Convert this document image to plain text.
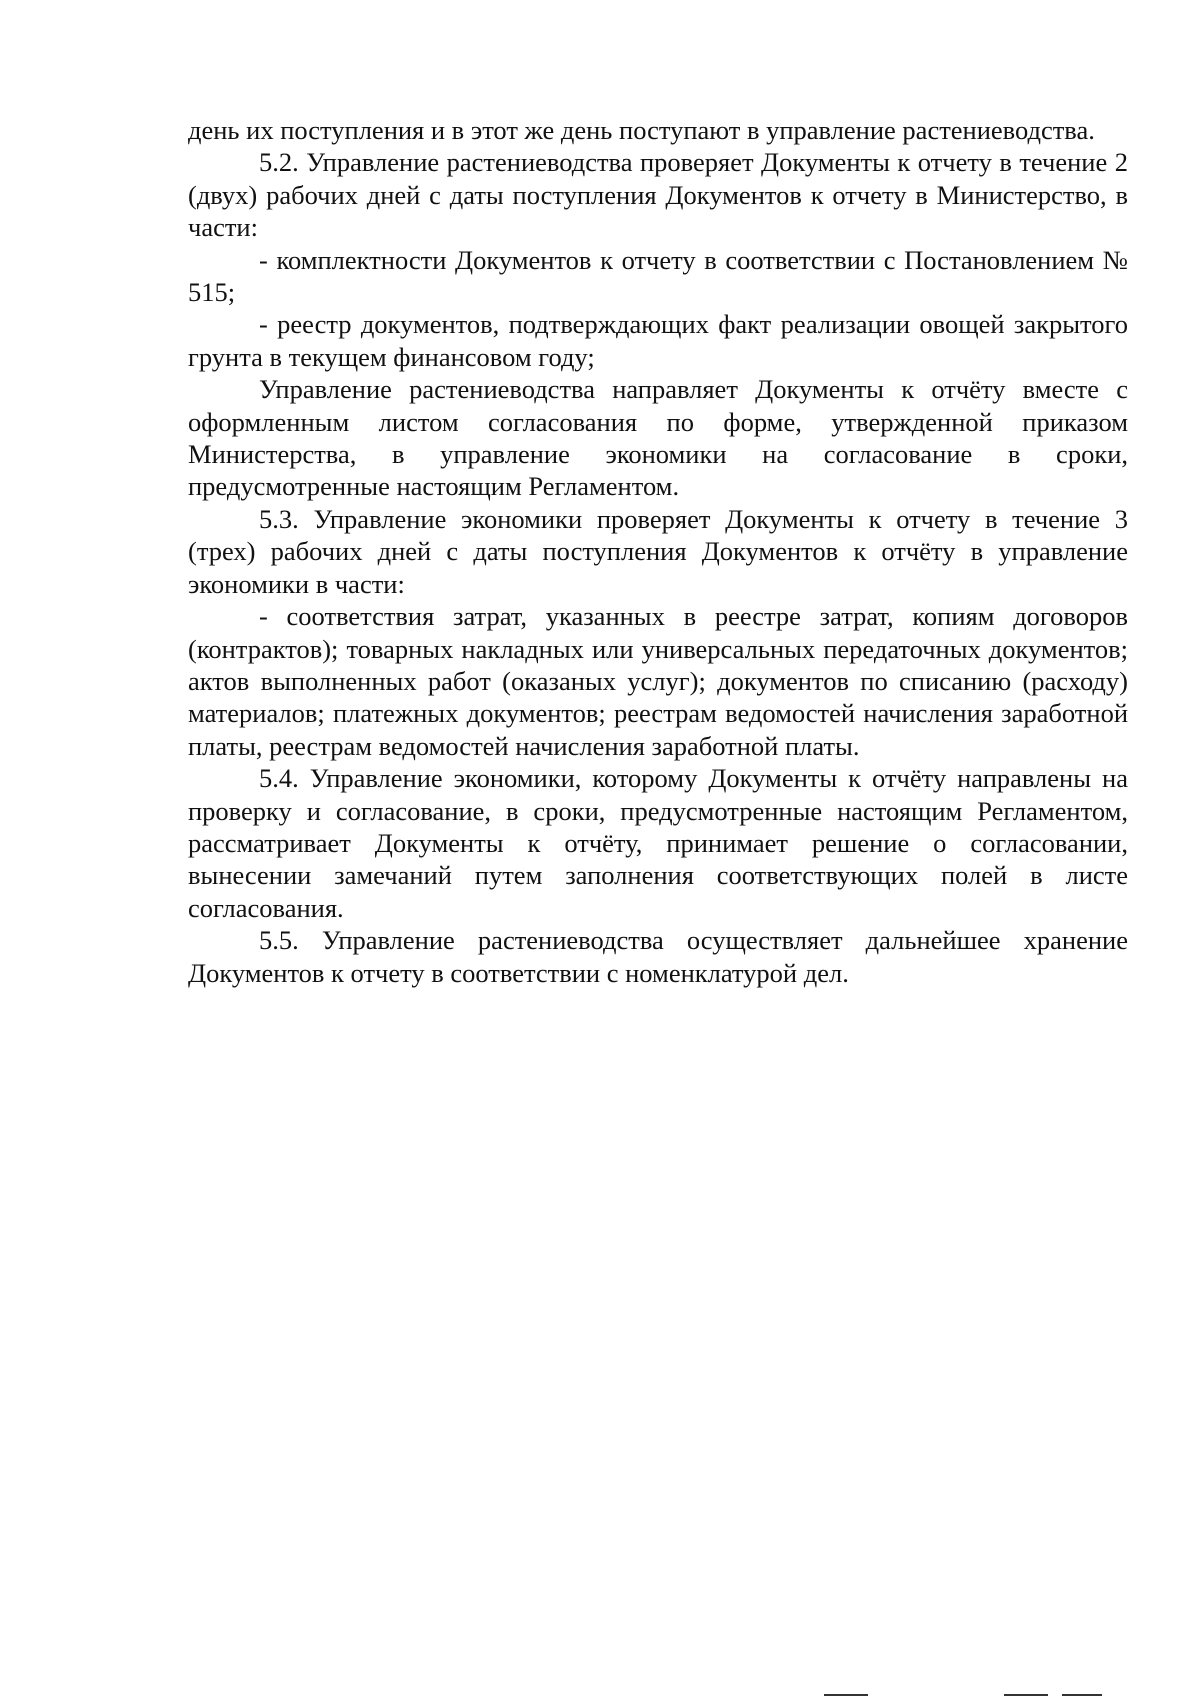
день их поступления и в этот же день поступают в управление растениеводства.

5.2. Управление растениеводства проверяет Документы к отчету в течение 2 (двух) рабочих дней с даты поступления Документов к отчету в Министерство, в части:

- комплектности Документов к отчету в соответствии с Постановлением № 515;

- реестр документов, подтверждающих факт реализации овощей закрытого грунта в текущем финансовом году;

Управление растениеводства направляет Документы к отчёту вместе с оформленным листом согласования по форме, утвержденной приказом Министерства, в управление экономики на согласование в сроки, предусмотренные настоящим Регламентом.

5.3. Управление экономики проверяет Документы к отчету в течение 3 (трех) рабочих дней с даты поступления Документов к отчёту в управление экономики в части:

- соответствия затрат, указанных в реестре затрат, копиям договоров (контрактов); товарных накладных или универсальных передаточных документов; актов выполненных работ (оказаных услуг); документов по списанию (расходу) материалов; платежных документов; реестрам ведомостей начисления заработной платы, реестрам ведомостей начисления заработной платы.

5.4. Управление экономики, которому Документы к отчёту направлены на проверку и согласование, в сроки, предусмотренные настоящим Регламентом, рассматривает Документы к отчёту, принимает решение о согласовании, вынесении замечаний путем заполнения соответствующих полей в листе согласования.

5.5. Управление растениеводства осуществляет дальнейшее хранение Документов к отчету в соответствии с номенклатурой дел.
